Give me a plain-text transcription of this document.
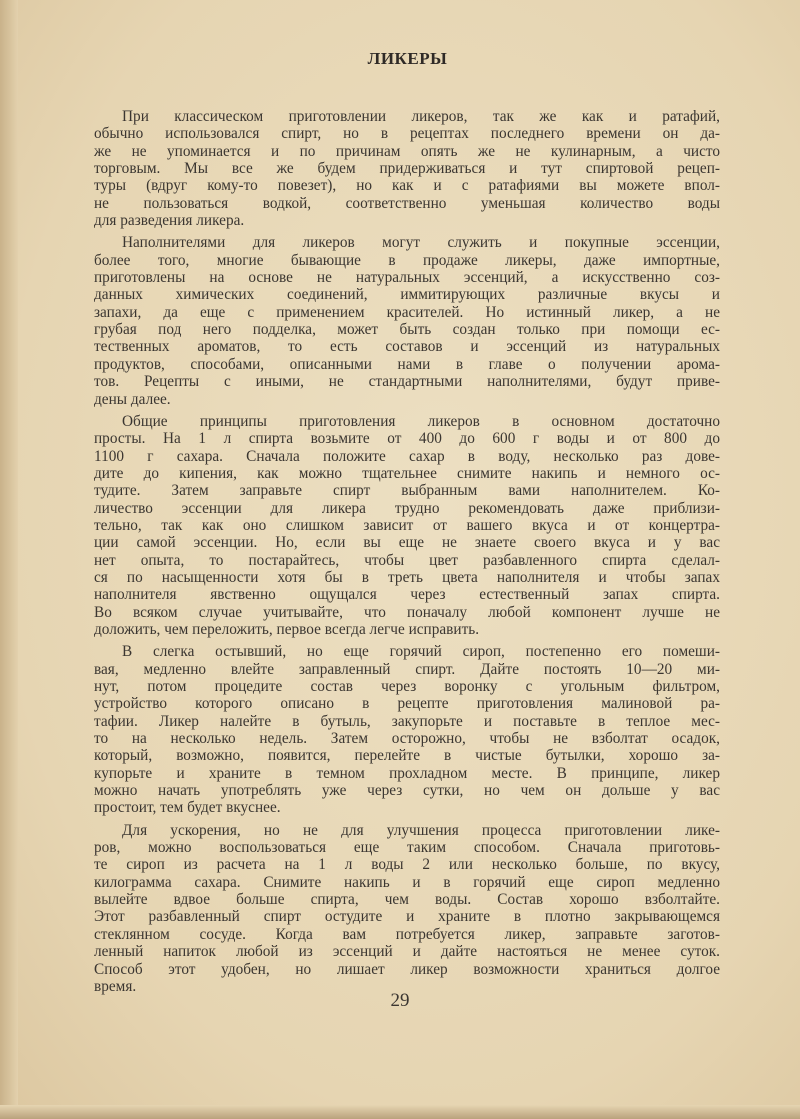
ЛИКЕРЫ
При классическом приготовлении ликеров, так же как и ратафий,
обычно использовался спирт, но в рецептах последнего времени он да-
же не упоминается и по причинам опять же не кулинарным, а чисто
торговым. Мы все же будем придерживаться и тут спиртовой рецеп-
туры (вдруг кому-то повезет), но как и с ратафиями вы можете впол-
не пользоваться водкой, соответственно уменьшая количество воды
для разведения ликера.
Наполнителями для ликеров могут служить и покупные эссенции,
более того, многие бывающие в продаже ликеры, даже импортные,
приготовлены на основе не натуральных эссенций, а искусственно соз-
данных химических соединений, иммитирующих различные вкусы и
запахи, да еще с применением красителей. Но истинный ликер, а не
грубая под него подделка, может быть создан только при помощи ес-
тественных ароматов, то есть составов и эссенций из натуральных
продуктов, способами, описанными нами в главе о получении арома-
тов. Рецепты с иными, не стандартными наполнителями, будут приве-
дены далее.
Общие принципы приготовления ликеров в основном достаточно
просты. На 1 л спирта возьмите от 400 до 600 г воды и от 800 до
1100 г сахара. Сначала положите сахар в воду, несколько раз дове-
дите до кипения, как можно тщательнее снимите накипь и немного ос-
тудите. Затем заправьте спирт выбранным вами наполнителем. Ко-
личество эссенции для ликера трудно рекомендовать даже приблизи-
тельно, так как оно слишком зависит от вашего вкуса и от концертра-
ции самой эссенции. Но, если вы еще не знаете своего вкуса и у вас
нет опыта, то постарайтесь, чтобы цвет разбавленного спирта сделал-
ся по насыщенности хотя бы в треть цвета наполнителя и чтобы запах
наполнителя явственно ощущался через естественный запах спирта.
Во всяком случае учитывайте, что поначалу любой компонент лучше не
доложить, чем переложить, первое всегда легче исправить.
В слегка остывший, но еще горячий сироп, постепенно его помеши-
вая, медленно влейте заправленный спирт. Дайте постоять 10—20 ми-
нут, потом процедите состав через воронку с угольным фильтром,
устройство которого описано в рецепте приготовления малиновой ра-
тафии. Ликер налейте в бутыль, закупорьте и поставьте в теплое мес-
то на несколько недель. Затем осторожно, чтобы не взболтат осадок,
который, возможно, появится, перелейте в чистые бутылки, хорошо за-
купорьте и храните в темном прохладном месте. В принципе, ликер
можно начать употреблять уже через сутки, но чем он дольше у вас
простоит, тем будет вкуснее.
Для ускорения, но не для улучшения процесса приготовлении лике-
ров, можно воспользоваться еще таким способом. Сначала приготовь-
те сироп из расчета на 1 л воды 2 или несколько больше, по вкусу,
килограмма сахара. Снимите накипь и в горячий еще сироп медленно
вылейте вдвое больше спирта, чем воды. Состав хорошо взболтайте.
Этот разбавленный спирт остудите и храните в плотно закрывающемся
стеклянном сосуде. Когда вам потребуется ликер, заправьте заготов-
ленный напиток любой из эссенций и дайте настояться не менее суток.
Способ этот удобен, но лишает ликер возможности храниться долгое
время.
29
